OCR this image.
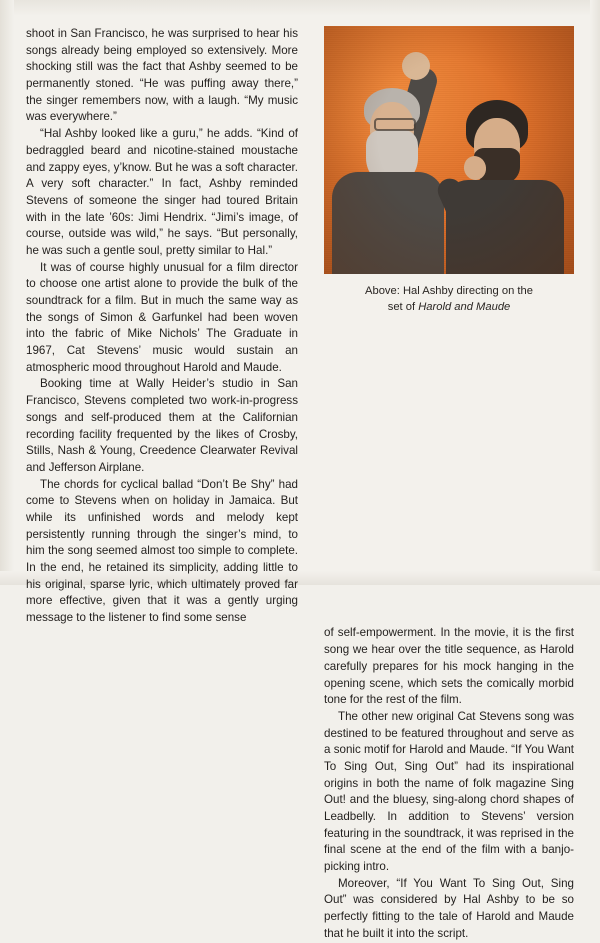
Above: Hal Ashby directing on the
set of Harold and Maude

shoot in San Francisco, he was surprised to hear his songs already being employed so extensively. More shocking still was the fact that Ashby seemed to be permanently stoned. “He was puffing away there,” the singer remembers now, with a laugh. “My music was everywhere.”

“Hal Ashby looked like a guru,” he adds. “Kind of bedraggled beard and nicotine-stained moustache and zappy eyes, y’know. But he was a soft character. A very soft character.” In fact, Ashby reminded Stevens of someone the singer had toured Britain with in the late ’60s: Jimi Hendrix. “Jimi’s image, of course, outside was wild,” he says. “But personally, he was such a gentle soul, pretty similar to Hal.”

It was of course highly unusual for a film director to choose one artist alone to provide the bulk of the soundtrack for a film. But in much the same way as the songs of Simon & Garfunkel had been woven into the fabric of Mike Nichols’ The Graduate in 1967, Cat Stevens’ music would sustain an atmospheric mood throughout Harold and Maude.

Booking time at Wally Heider’s studio in San Francisco, Stevens completed two work-in-progress songs and self-produced them at the Californian recording facility frequented by the likes of Crosby, Stills, Nash & Young, Creedence Clearwater Revival and Jefferson Airplane.

The chords for cyclical ballad “Don’t Be Shy” had come to Stevens when on holiday in Jamaica. But while its unfinished words and melody kept persistently running through the singer’s mind, to him the song seemed almost too simple to complete. In the end, he retained its simplicity, adding little to his original, sparse lyric, which ultimately proved far more effective, given that it was a gently urging message to the listener to find some sense

of self-empowerment. In the movie, it is the first song we hear over the title sequence, as Harold carefully prepares for his mock hanging in the opening scene, which sets the comically morbid tone for the rest of the film.

The other new original Cat Stevens song was destined to be featured throughout and serve as a sonic motif for Harold and Maude. “If You Want To Sing Out, Sing Out” had its inspirational origins in both the name of folk magazine Sing Out! and the bluesy, sing-along chord shapes of Leadbelly. In addition to Stevens’ version featuring in the soundtrack, it was reprised in the final scene at the end of the film with a banjo-picking intro.

Moreover, “If You Want To Sing Out, Sing Out” was considered by Hal Ashby to be so perfectly fitting to the tale of Harold and Maude that he built it into the script.
